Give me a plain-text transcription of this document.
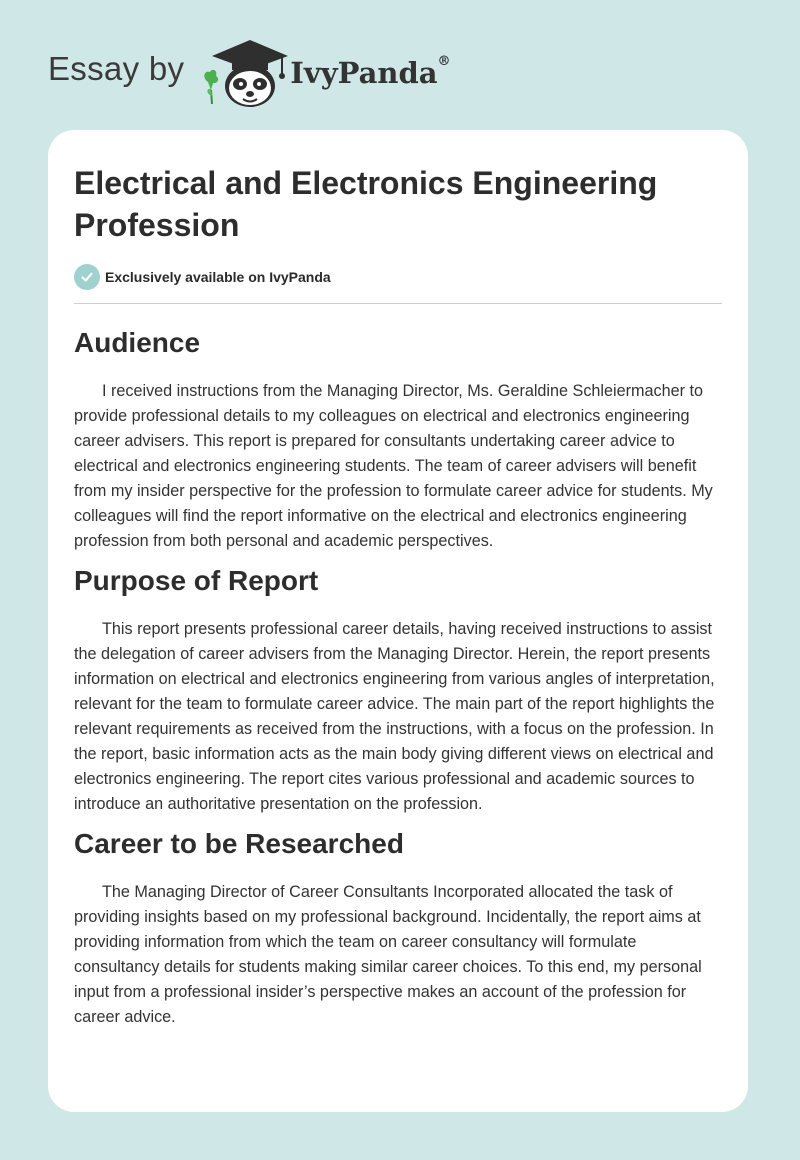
Essay by	IvyPanda®
Electrical and Electronics Engineering Profession
Exclusively available on IvyPanda
Audience

I received instructions from the Managing Director, Ms. Geraldine Schleiermacher to provide professional details to my colleagues on electrical and electronics engineering career advisers. This report is prepared for consultants undertaking career advice to electrical and electronics engineering students. The team of career advisers will benefit from my insider perspective for the profession to formulate career advice for students. My colleagues will find the report informative on the electrical and electronics engineering profession from both personal and academic perspectives.

Purpose of Report

This report presents professional career details, having received instructions to assist the delegation of career advisers from the Managing Director. Herein, the report presents information on electrical and electronics engineering from various angles of interpretation, relevant for the team to formulate career advice. The main part of the report highlights the relevant requirements as received from the instructions, with a focus on the profession. In the report, basic information acts as the main body giving different views on electrical and electronics engineering. The report cites various professional and academic sources to introduce an authoritative presentation on the profession.

Career to be Researched

The Managing Director of Career Consultants Incorporated allocated the task of providing insights based on my professional background. Incidentally, the report aims at providing information from which the team on career consultancy will formulate consultancy details for students making similar career choices. To this end, my personal input from a professional insider’s perspective makes an account of the profession for career advice.
